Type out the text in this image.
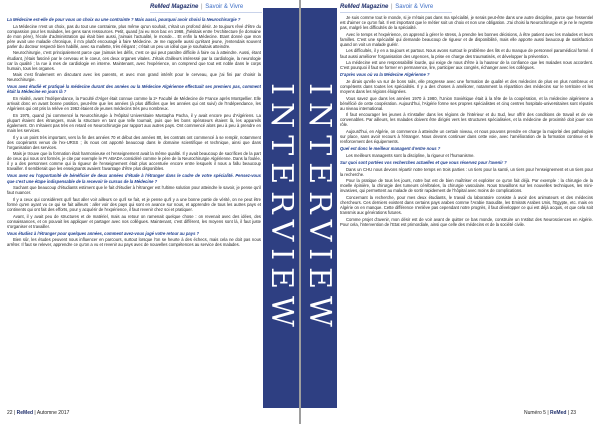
ReMed Magazine | Savoir & Vivre

La Médecine est-elle de pour vous un choix ou une contrainte ? Mais aussi, pourquoi avoir choisi la Neurochirurgie ?

La Médecine n'est un choix, pas du tout une contrainte, plus même qu'un souhait, c'était un profond désir. Je toujours rêvé d'être du compassion pour les malades, les gens sans ressources. Petit, quand j'ai eu mon bac en 1968, j'hésitais entre l'Architecture (le domaine de mon père), l'école d'administration qui était bien aussi, j'aimais l'actualité, le monde… Et enfin la Médecine. Etant donné que mon père avait une maladie chronique, il m'a plutôt encouragé à faire Médecine. Je me rappelle aussi qu'étant jeune, j'entendais souvent parler du docteur respecté bien habillé, avec sa mallette, très élégant ; c'était un peu un idéal que je souhaitais atteindre.

Neurochirurgie, c'est principalement parce que j'aimais les défis, c'est ce qui peut paraître difficile à faire ou à atteindre. Aussi, étant étudiant, j'étais fasciné par le cerveau et le coeur, ces deux organes vitales. J'étais d'ailleurs intéressé par la cardiologie, la neurologie car la qualité ; la rue à mes de cardiologie en interne. Maintenant, avec l'expérience, on comprend que tout est noble dans le corps humain, tous les organes.

Mais c'est finalement en discutant avec les parents, et avec mon grand intérêt pour le cerveau, que j'ai fini par choisir la Neurochirurgie.

Vous avez étudié et pratiqué la médecine durant des années ou la Médecine Algérienne effectuait ses premiers pas, comment était la Médecine en jours là ?

En réalité, avant l'Indépendance, la Faculté d'Alger était connue comme la 2ᵉ Faculté de Médecine de France après Montpellier. Elle arrivait donc en avant bonne position, peut-être que les années (à plus difficiles que les années qui ont suivi) de l'Indépendance, les Algériens qui ont pris la relève en 1962 étaient de jeunes médecins très peu nombreux.

En 1975, quand j'ai commencé la Neurochirurgie à l'Hôpital Universitaire Mustapha Pacha, il y avait encore peu d'Algériens. La plupart étaient des étrangers, mais la structure en tant que telle tournait, puis que les bons opérateurs étaient là, les appareils également. On n'étaient pas très en retard en Neurochirurgie par rapport aux autres pays. Ont commencé alors peu à peu à prendre en main les services.

Il y a un point très important, vers la fin des années 70 et début des années 80, les contrats ont commencé à se remplir, notamment des coopérants venus de l'ex-URSS ; ils nous ont apporté beaucoup dans le domaine scientifique et technique, ainsi que dans l'organisation des services.

Mais je trouve que la formation était harmonieuse et l'enseignement avait la même qualité. Il y avait beaucoup de sacrifices de la part de ceux qui nous ont formés, je cite par exemple le Pr ABADA considéré comme le père de la Neurochirurgie Algérienne. Dans la foulée, il y a des personnes comme qui la rigueur de l'enseignement était plus accentuée encore entre lesquels il nous a fallu beaucoup travailler. Il semblerait que les enseignants avaient l'avantage d'être plus disponibles.

Vous avez eu l'opportunité de bénéficier de deux années d'étude à l'étranger dans le cadre de votre spécialité. Pensez-vous que c'est une étape indispensable de la recevoir le cursus de la Médecine ?

Sachant que beaucoup d'étudiants estiment que le fait d'étudier à l'étranger est l'ultime solution pour atteindre le savoir, je pense qu'il faut nuancer.

Il y a ceux qui considèrent qu'il faut aller voir ailleurs ce qu'il se fait, et je pense qu'il y a une bonne partie de vérité, on ne peut être formé qu'en ayant vu ce qui se fait ailleurs : aller voir des pays qui sont en avance sur nous, et apprendre de tous les autres pays et continents qui ont fait des efforts, pour y acquérir de l'expérience, il faut revenir chez soi et pratiquer.

Avant, il y avait peu de structures et de matériel, mais au retour on ramenait quelque chose : on revenait avec des idées, des connaissances, et on pouvait les appliquer et partager avec nos collègues. Maintenant, c'est différent, les moyens sont là, il faut juste s'organiser et travailler.

Vous étudiez à l'étranger pour quelques années, comment avez-vous jugé votre retour au pays ?

Bien sûr, les études peuvent nous influencer en parcours, surtout lorsque l'on se heurte à des échecs, mais cela ne doit pas nous arrêter. Il faut se relever, apprendre ce qu'on a vu et revenir au pays avec de nouvelles compétences au service des malades. INTERVIEW
22 | ReMed | Automne 2017
INTERVIEW
ReMed Magazine | Savoir & Vivre

Je suis comme tout le monde, si je n'étais pas dans ma spécialité, je serais peut-être dans une autre discipline, parce que l'essentiel est d'aimer ce qu'on fait. Il est important que le métier soit un choix et non une obligation. J'ai choisi la Neurochirurgie et je ne le regrette pas, malgré les difficultés de la spécialité.

Avec le temps et l'expérience, on apprend à gérer le stress, à prendre les bonnes décisions, à être patient avec les malades et leurs familles. C'est une spécialité qui demande beaucoup de rigueur et de disponibilité, mais elle apporte aussi beaucoup de satisfaction quand on voit un malade guérir.

Les difficultés, il y en a toujours et partout. Nous avons surtout le problème des lits et du manque de personnel paramédical formé. Il faut aussi améliorer l'organisation des urgences, la prise en charge des traumatisés, et développer la prévention.

La médecine est une responsabilité lourde, qui exige de nous d'être à la hauteur de la confiance que les malades nous accordent. C'est pourquoi il faut se former en permanence, lire, participer aux congrès, échanger avec les collègues.

D'après vous où va la Médecine Algérienne ?

Je dirais qu'elle va sur de bons rails, elle progresse avec une formation de qualité et des médecins de plus en plus nombreux et compétents dans toutes les spécialités. Il y a des choses à améliorer, notamment la répartition des médecins sur le territoire et les moyens dans les régions éloignées.

Vous savez que dans les années 1970 à 1980, l'Union Soviétique était à la tête de la coopération, et la médecine algérienne a bénéficié de cette coopération. Aujourd'hui, l'Algérie forme ses propres spécialistes et cinq centres hospitalo-universitaires sont réputés au niveau international.

Il faut encourager les jeunes à s'installer dans les régions de l'intérieur et du Sud, leur offrir des conditions de travail et de vie convenables. Par ailleurs, les malades doivent être dirigés vers les structures spécialisées, et la médecine de proximité doit jouer son rôle.

Aujourd'hui, en Algérie, on commence à atteindre un certain niveau, et nous pouvons prendre en charge la majorité des pathologies sur place, sans avoir recours à l'étranger. Nous devons continuer dans cette voie, avec l'amélioration de la formation continue et le renforcement des équipements.

Quel est donc le meilleur managent d'entre nous ?

Les meilleurs managents sont la discipline, la rigueur et l'humanisme.

Sur quoi sont portées vos recherches actuelles et que vous réservez pour l'avenir ?

Dans un CHU nous devons répartir notre temps en trois parties : un tiers pour la santé, un tiers pour l'enseignement et un tiers pour la recherche.

Pour la pratique de tous les jours, notre but est de bien maîtriser et exploiter ce qu'on fait déjà. Par exemple : la chirurgie de la moelle épinière, la chirurgie des tumeurs cérébrales, la chirurgie vasculaire. Nous travaillons sur les nouvelles techniques, les mini-invasives, qui permettent au malade de sortir rapidement de l'hôpital avec moins de complications.

Concernant la recherche, pour mes deux étudiants, le travail du laboratoire consiste à avoir des animateurs et des médecins chercheurs. Ces derniers existent dans certains pays arabes comme l'Arabie Saoudite, les Emirats Arabes Unis, l'Egypte, etc. mais en Algérie on en manque. Cette différence n'enlève pas cependant notre progrès, il faut développer ce qui est déjà acquis, et que cela soit transmis aux générations futures.

Comme projet d'avenir, mon désir est de voir avant de quitter ce bas monde, construire un Institut des Neurosciences en Algérie. Pour cela, l'intervention de l'Etat est primordiale, ainsi que celle des médecins et de la société civile.

Numéro 5 | ReMed | 23
